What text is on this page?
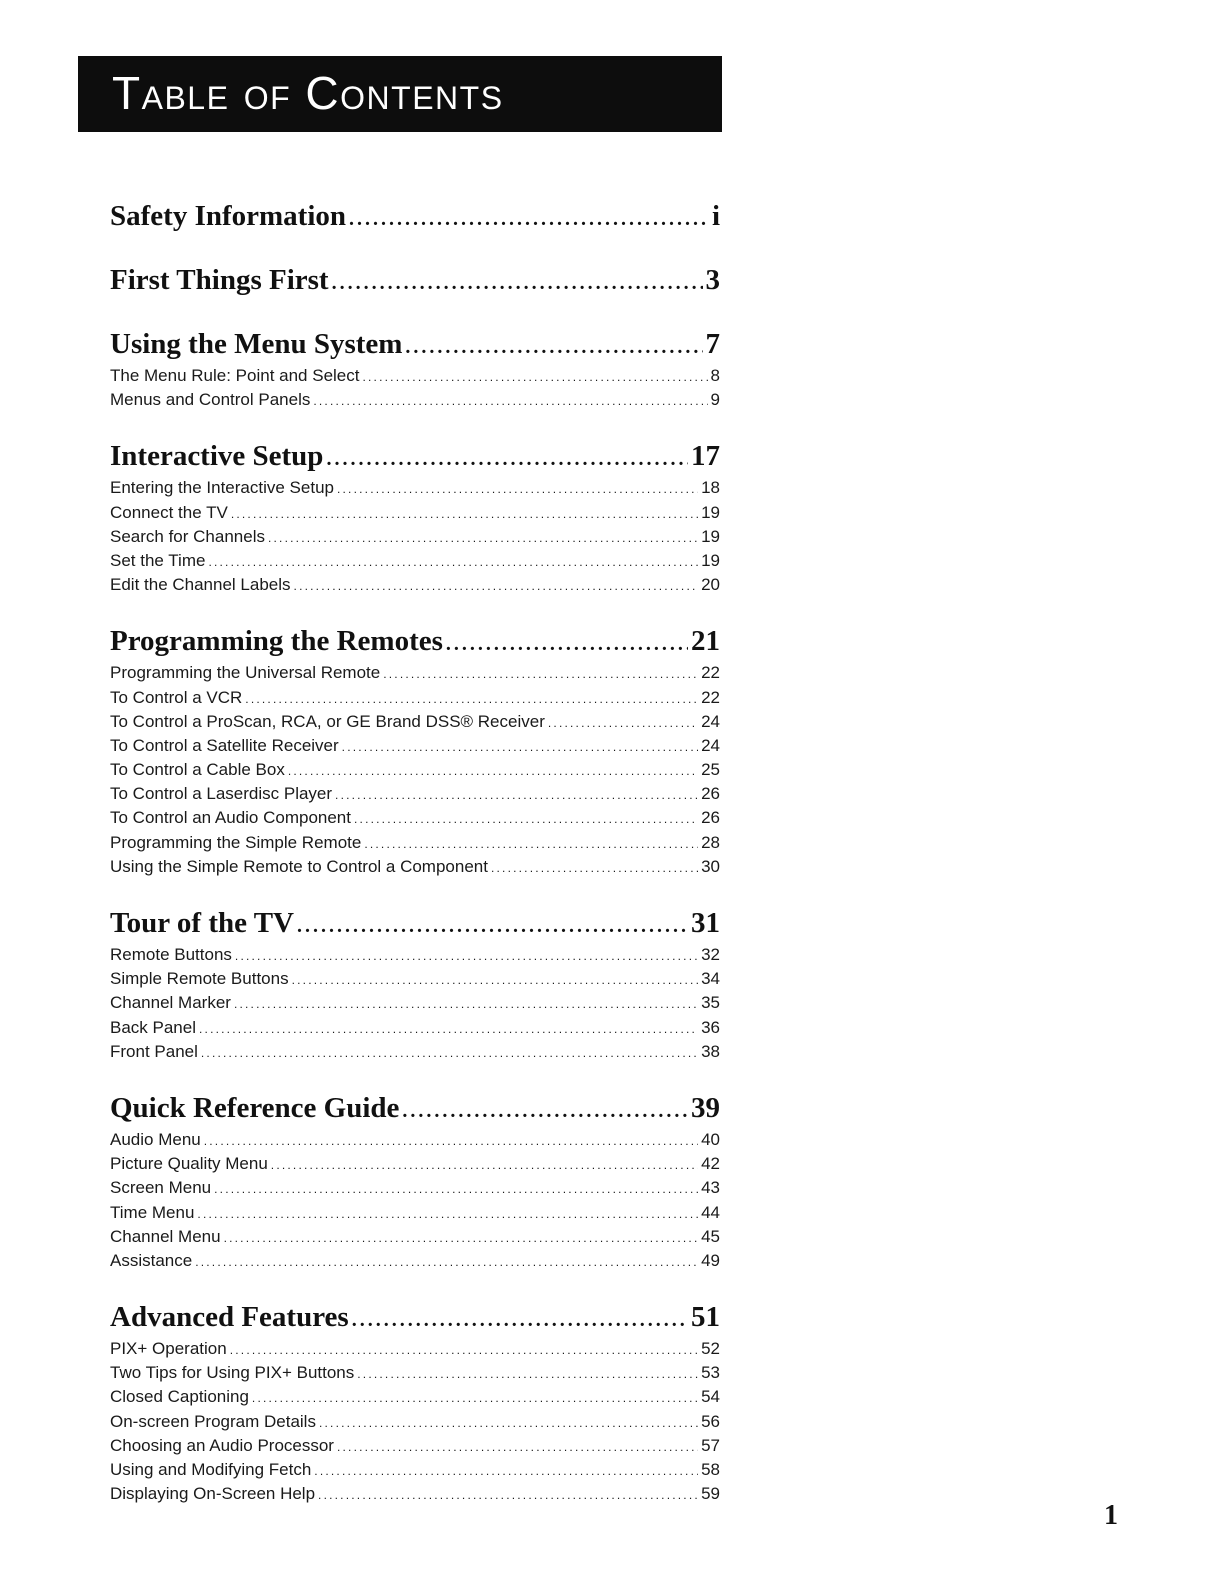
Table of Contents
Safety Information .....	i
First Things First .....	3
Using the Menu System .....	7
The Menu Rule: Point and Select .....	8
Menus and Control Panels .....	9
Interactive Setup .....	17
Entering the Interactive Setup .....	18
Connect the TV .....	19
Search for Channels .....	19
Set the Time .....	19
Edit the Channel Labels .....	20
Programming the Remotes .....	21
Programming the Universal Remote .....	22
To Control a VCR .....	22
To Control a ProScan, RCA, or GE Brand DSS® Receiver .....	24
To Control a Satellite Receiver .....	24
To Control a Cable Box .....	25
To Control a Laserdisc Player .....	26
To Control an Audio Component .....	26
Programming the Simple Remote .....	28
Using the Simple Remote to Control a Component .....	30
Tour of the TV .....	31
Remote Buttons .....	32
Simple Remote Buttons .....	34
Channel Marker .....	35
Back Panel .....	36
Front Panel .....	38
Quick Reference Guide .....	39
Audio Menu .....	40
Picture Quality Menu .....	42
Screen Menu .....	43
Time Menu .....	44
Channel Menu .....	45
Assistance .....	49
Advanced Features .....	51
PIX+ Operation .....	52
Two Tips for Using PIX+ Buttons .....	53
Closed Captioning .....	54
On-screen Program Details .....	56
Choosing an Audio Processor .....	57
Using and Modifying Fetch .....	58
Displaying On-Screen Help .....	59
1
